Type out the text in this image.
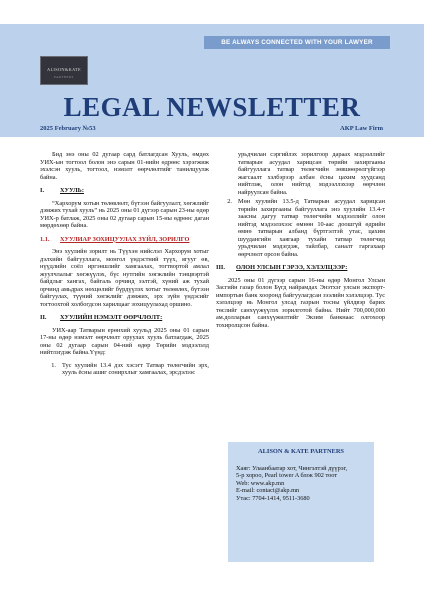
BE ALWAYS CONNECTED WITH YOUR LAWYER
ALISON&KATE
PARTNERS
LEGAL NEWSLETTER
2025 February №53	AKP Law Firm

Бид энэ оны 02 дугаар сард батлагдсан Хууль, өмдөх УИХ-ын тогтоол болон энэ сарын 01-нийн өдрөөс хэрэгжиж эхэлсэн хууль, тогтоол, нэмэлт өөрчлөлтийг танилцуулж байна.

I.	ХУУЛЬ:

“Хархорум хотын төлөвлөлт, бүтээн байгуулалт, хөгжлийг дэмжих тухай хууль” нь 2025 оны 01 дүгээр сарын 23-ны өдөр УИХ-р батлаж, 2025 оны 02 дугаар сарын 15-ны өдрөөс даган мөрдөхөөр байна.

1.1. ХУУЛИАР ЗОХИЦУУЛАХ ЗҮЙЛ, ЗОРИЛГО

Энэ хуулийн зорилт нь Түүхэн нийслэл Хархорум хотыг дэлхийн байгууллага, монгол үндэстний түүх, ягууг өв, нүүдлийн соёл иргэншлийг хамгаалах, тогтвортой амлал жуулчлалыг хөгжүүлэх, бүс нутгийн хөгжлийн тэнцвэртэй байдлыг хангах, байгаль орчинд ээлтэй, хүний аж тухай орчинд амьдрах нөхцөлийг бүрдүүлэх хотыг төлөвлөх, бүтээн байгуулах, түүний хөгжлийг дэмжих, эрх зүйн үндэсийг тогтоохтой холбогдсон харилцааг зохицуулахад оршино.

II.	ХУУЛИЙН НЭМЭЛТ ӨӨРЧЛӨЛТ:

УИХ-аар Татварын ерөнхий хуульд 2025 оны 01 сарын 17-ны өдөр нэмэлт өөрчлөлт оруулах хууль батлагдаж, 2025 оны 02 дугаар сарын 04-ний өдөр Төрийн мэдээлэлд нийтлэгдэж байна.Үүнд:

1. Тус хуулийн 13.4 дэх хэсэгт Татвар төлөгчийн эрх, хууль ёсны ашиг сонирхлыг хамгаалах, эрсдэлээс
урьдчилан сэргийлэх зорилгоор дараах мэдээллийг татварын асуудал харицсан төрийн захиргааны байгууллага татвар төлөгчийн зөвшөөрөлгүйгээр жагсаалт хэлбэрээр албан ёсны цахим хуудсанд нийтлэж, олон нийтэд мэдээллэхээр өөрчлөн найруулсан байна.
2. Мөн хуулийн 13.5-д Татварын асуудал харицсан төрийн захиргааны байгууллага энэ хуулийн 13.4-т заасны дагуу татвар төлөгчийн мэдээллийг олон нийтэд мэдээлэхээс өмнөн 10-аас доошгүй өдрийн өмнө татварын албанд бүртгэлтэй утас, цахим шуудангийн хаягаар тухайн татвар төлөгчид урьдчилан мэдэгдэж, тайлбар, саналт гаргахаар өөрчлөлт орсон байна.
III. ОЛОН УЛСЫН ГЭРЭЭ, ХЭЛЭЛЦЭЭР:

2025 оны 01 дүгээр сарын 16-ны өдөр Монгол Улсын Засгийн газар болон Бүгд найрамдах Энэтхэг улсын экспорт-импортын банк хооронд байгуулагдсан зээлийн хэлэлцээр. Тус хэлэлцээр нь Монгол улсад газрын тосны үйлдвэр барих төслийг санхүүжүүлэх зорилготой байна. Нийт 700,000,000 ам.долларын санхүүжилтийг Экзим банкнаас олгохоор тохиролцсон байна.

ALISON & KATE PARTNERS
Хаяг: Улаанбаатар хот, Чингэлтэй дүүрэг,
5-р хороо, Pearl tower A блок 902 тоот
Web: www.akp.mn
E-mail: contact@akp.mn
Утас: 7704-1414, 9511-3680
